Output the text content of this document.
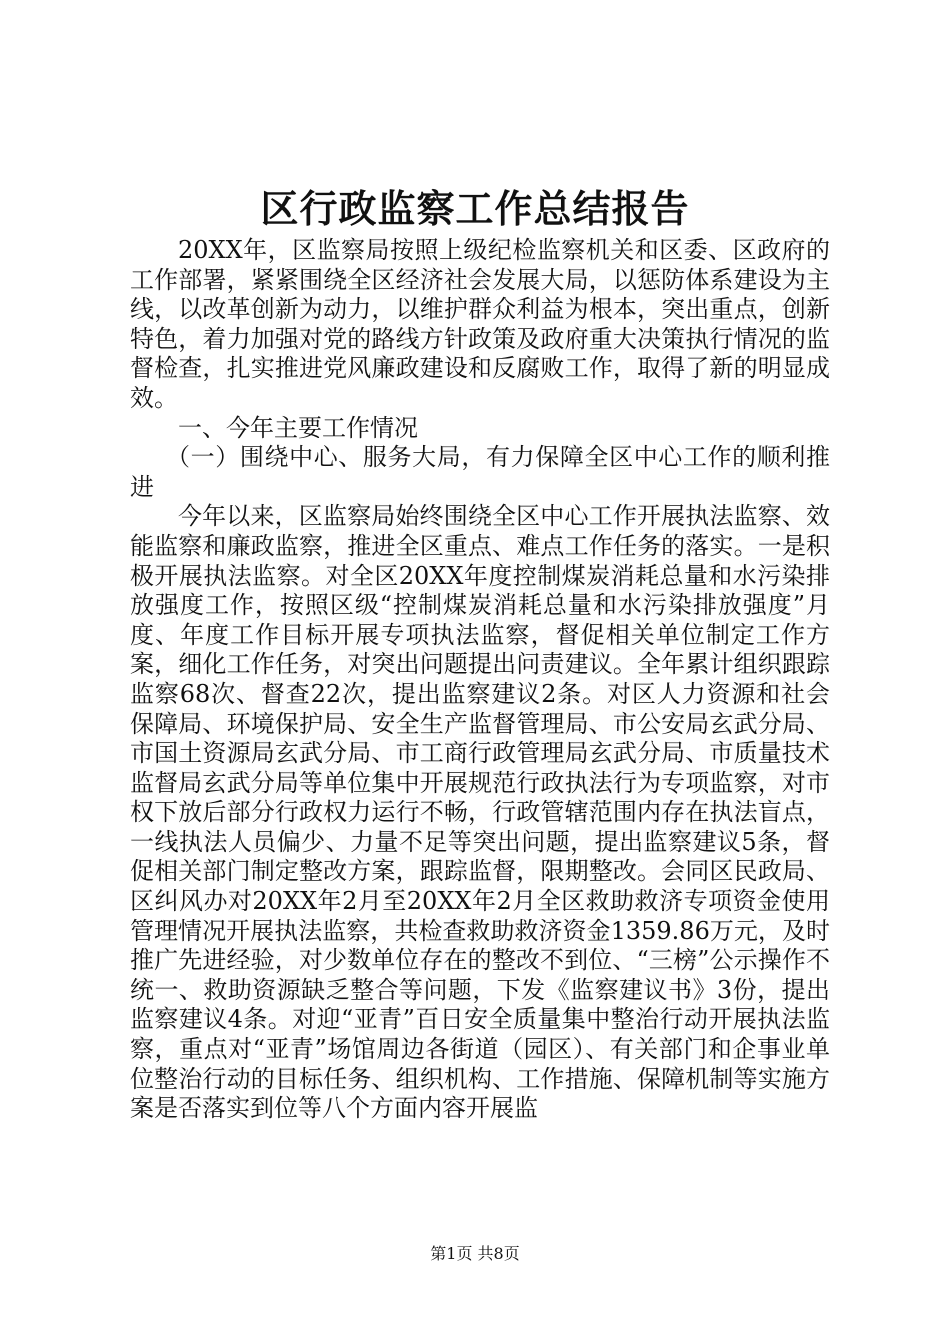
区行政监察工作总结报告

20XX年，区监察局按照上级纪检监察机关和区委、区政府的工作部署，紧紧围绕全区经济社会发展大局，以惩防体系建设为主线，以改革创新为动力，以维护群众利益为根本，突出重点，创新特色，着力加强对党的路线方针政策及政府重大决策执行情况的监督检查，扎实推进党风廉政建设和反腐败工作，取得了新的明显成效。

一、今年主要工作情况

（一）围绕中心、服务大局，有力保障全区中心工作的顺利推进

今年以来，区监察局始终围绕全区中心工作开展执法监察、效能监察和廉政监察，推进全区重点、难点工作任务的落实。一是积极开展执法监察。对全区20XX年度控制煤炭消耗总量和水污染排放强度工作，按照区级“控制煤炭消耗总量和水污染排放强度”月度、年度工作目标开展专项执法监察，督促相关单位制定工作方案，细化工作任务，对突出问题提出问责建议。全年累计组织跟踪监察68次、督查22次，提出监察建议2条。对区人力资源和社会保障局、环境保护局、安全生产监督管理局、市公安局玄武分局、市国土资源局玄武分局、市工商行政管理局玄武分局、市质量技术监督局玄武分局等单位集中开展规范行政执法行为专项监察，对市权下放后部分行政权力运行不畅，行政管辖范围内存在执法盲点，一线执法人员偏少、力量不足等突出问题，提出监察建议5条，督促相关部门制定整改方案，跟踪监督，限期整改。会同区民政局、区纠风办对20XX年2月至20XX年2月全区救助救济专项资金使用管理情况开展执法监察，共检查救助救济资金1359.86万元，及时推广先进经验，对少数单位存在的整改不到位、“三榜”公示操作不统一、救助资源缺乏整合等问题，下发《监察建议书》3份，提出监察建议4条。对迎“亚青”百日安全质量集中整治行动开展执法监察，重点对“亚青”场馆周边各街道（园区）、有关部门和企事业单位整治行动的目标任务、组织机构、工作措施、保障机制等实施方案是否落实到位等八个方面内容开展监

第1页 共8页
